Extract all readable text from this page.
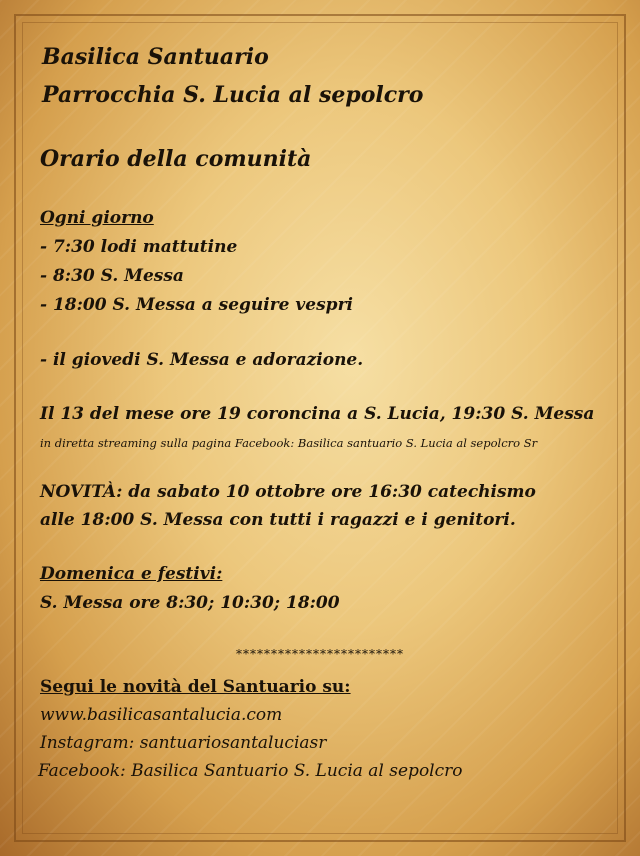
Basilica Santuario
Parrocchia S. Lucia al sepolcro
Orario della comunità
Ogni giorno
- 7:30 lodi mattutine
- 8:30 S. Messa
- 18:00 S. Messa a seguire vespri
- il giovedi S. Messa e adorazione.
Il 13 del mese ore 19 coroncina a S. Lucia, 19:30 S. Messa
in diretta streaming sulla pagina Facebook: Basilica santuario S. Lucia al sepolcro Sr
NOVITÀ: da sabato 10 ottobre ore 16:30 catechismo
alle 18:00 S. Messa con tutti i ragazzi e i genitori.
Domenica e festivi:
S. Messa ore 8:30; 10:30; 18:00
************************
Segui le novità del Santuario su:
www.basilicasantalucia.com
Instagram: santuariosantaluciasr
Facebook: Basilica Santuario S. Lucia al sepolcro
